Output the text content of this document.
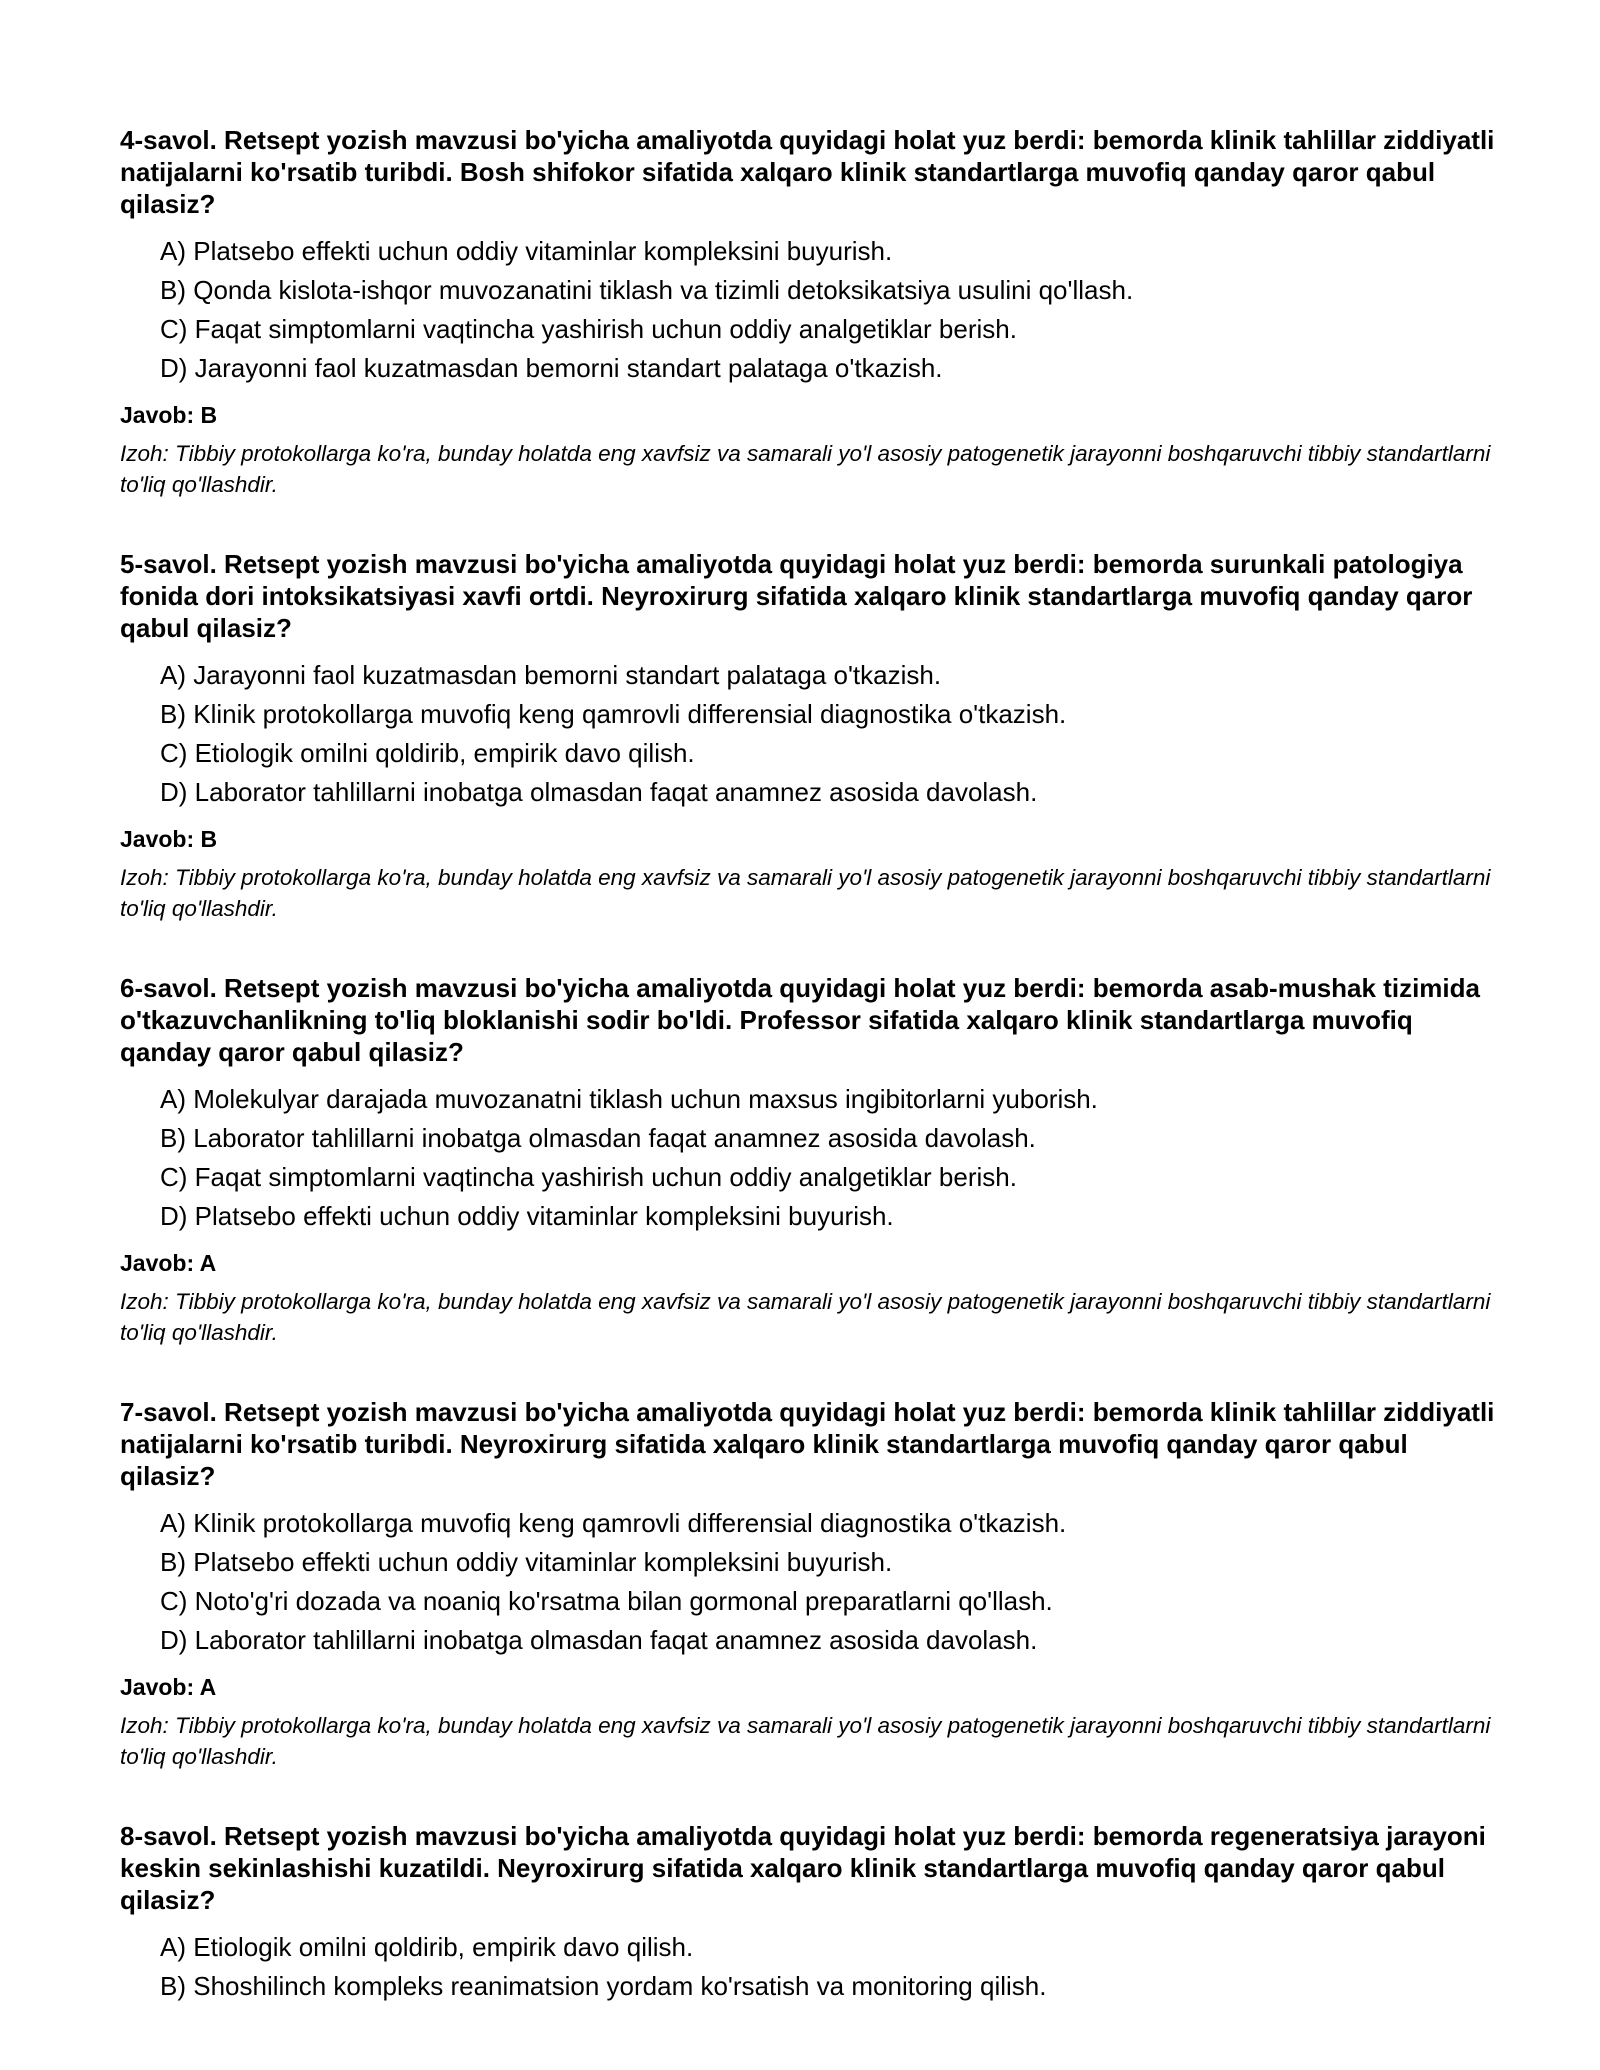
4-savol. Retsept yozish mavzusi bo'yicha amaliyotda quyidagi holat yuz berdi: bemorda klinik tahlillar ziddiyatli natijalarni ko'rsatib turibdi. Bosh shifokor sifatida xalqaro klinik standartlarga muvofiq qanday qaror qabul qilasiz?
A) Platsebo effekti uchun oddiy vitaminlar kompleksini buyurish.
B) Qonda kislota-ishqor muvozanatini tiklash va tizimli detoksikatsiya usulini qo'llash.
C) Faqat simptomlarni vaqtincha yashirish uchun oddiy analgetiklar berish.
D) Jarayonni faol kuzatmasdan bemorni standart palataga o'tkazish.
Javob: B
Izoh: Tibbiy protokollarga ko'ra, bunday holatda eng xavfsiz va samarali yo'l asosiy patogenetik jarayonni boshqaruvchi tibbiy standartlarni to'liq qo'llashdir.
5-savol. Retsept yozish mavzusi bo'yicha amaliyotda quyidagi holat yuz berdi: bemorda surunkali patologiya fonida dori intoksikatsiyasi xavfi ortdi. Neyroxirurg sifatida xalqaro klinik standartlarga muvofiq qanday qaror qabul qilasiz?
A) Jarayonni faol kuzatmasdan bemorni standart palataga o'tkazish.
B) Klinik protokollarga muvofiq keng qamrovli differensial diagnostika o'tkazish.
C) Etiologik omilni qoldirib, empirik davo qilish.
D) Laborator tahlillarni inobatga olmasdan faqat anamnez asosida davolash.
Javob: B
Izoh: Tibbiy protokollarga ko'ra, bunday holatda eng xavfsiz va samarali yo'l asosiy patogenetik jarayonni boshqaruvchi tibbiy standartlarni to'liq qo'llashdir.
6-savol. Retsept yozish mavzusi bo'yicha amaliyotda quyidagi holat yuz berdi: bemorda asab-mushak tizimida o'tkazuvchanlikning to'liq bloklanishi sodir bo'ldi. Professor sifatida xalqaro klinik standartlarga muvofiq qanday qaror qabul qilasiz?
A) Molekulyar darajada muvozanatni tiklash uchun maxsus ingibitorlarni yuborish.
B) Laborator tahlillarni inobatga olmasdan faqat anamnez asosida davolash.
C) Faqat simptomlarni vaqtincha yashirish uchun oddiy analgetiklar berish.
D) Platsebo effekti uchun oddiy vitaminlar kompleksini buyurish.
Javob: A
Izoh: Tibbiy protokollarga ko'ra, bunday holatda eng xavfsiz va samarali yo'l asosiy patogenetik jarayonni boshqaruvchi tibbiy standartlarni to'liq qo'llashdir.
7-savol. Retsept yozish mavzusi bo'yicha amaliyotda quyidagi holat yuz berdi: bemorda klinik tahlillar ziddiyatli natijalarni ko'rsatib turibdi. Neyroxirurg sifatida xalqaro klinik standartlarga muvofiq qanday qaror qabul qilasiz?
A) Klinik protokollarga muvofiq keng qamrovli differensial diagnostika o'tkazish.
B) Platsebo effekti uchun oddiy vitaminlar kompleksini buyurish.
C) Noto'g'ri dozada va noaniq ko'rsatma bilan gormonal preparatlarni qo'llash.
D) Laborator tahlillarni inobatga olmasdan faqat anamnez asosida davolash.
Javob: A
Izoh: Tibbiy protokollarga ko'ra, bunday holatda eng xavfsiz va samarali yo'l asosiy patogenetik jarayonni boshqaruvchi tibbiy standartlarni to'liq qo'llashdir.
8-savol. Retsept yozish mavzusi bo'yicha amaliyotda quyidagi holat yuz berdi: bemorda regeneratsiya jarayoni keskin sekinlashishi kuzatildi. Neyroxirurg sifatida xalqaro klinik standartlarga muvofiq qanday qaror qabul qilasiz?
A) Etiologik omilni qoldirib, empirik davo qilish.
B) Shoshilinch kompleks reanimatsion yordam ko'rsatish va monitoring qilish.
